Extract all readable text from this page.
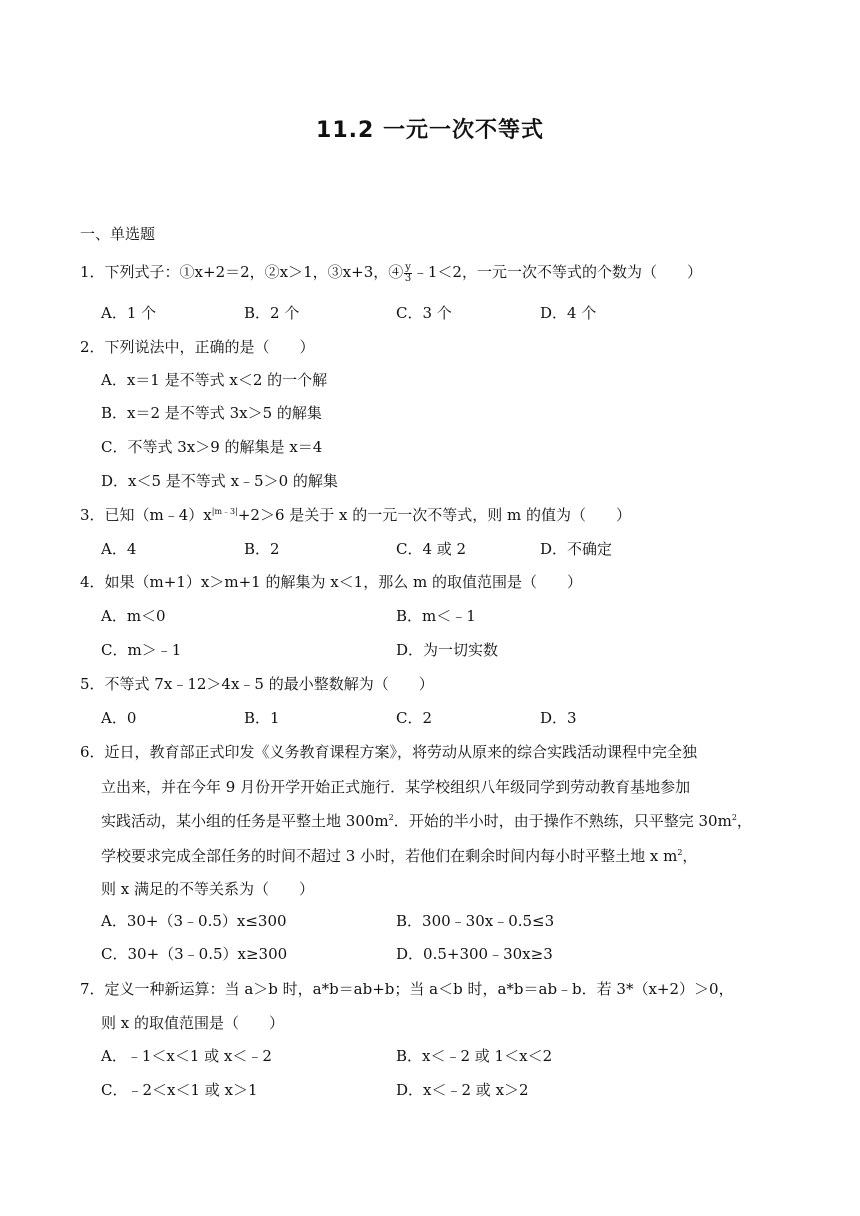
11.2 一元一次不等式
一、单选题
1．下列式子：①x+2＝2，②x＞1，③x+3，④ $\frac{y}{3}$ ﹣1＜2，一元一次不等式的个数为（　　）
A．1 个	B．2 个	C．3 个	D．4 个
2．下列说法中，正确的是（　　）
A．x＝1 是不等式 x＜2 的一个解
B．x＝2 是不等式 3x＞5 的解集
C．不等式 3x＞9 的解集是 x＝4
D．x＜5 是不等式 x﹣5＞0 的解集
3．已知$(m﹣4)x^{|m﹣3|}+2>6$ 是关于 x 的一元一次不等式，则 m 的值为（　　）
A．4	B．2	C．4 或 2	D．不确定
4．如果（m+1）x＞m+1 的解集为 x＜1，那么 m 的取值范围是（　　）
A．m＜0	B．m＜﹣1
C．m＞﹣1	D．为一切实数
5．不等式 7x﹣12＞4x﹣5 的最小整数解为（　　）
A．0	B．1	C．2	D．3
6．近日，教育部正式印发《义务教育课程方案》，将劳动从原来的综合实践活动课程中完全独
立出来，并在今年 9 月份开学开始正式施行．某学校组织八年级同学到劳动教育基地参加
实践活动，某小组的任务是平整土地 $300m^2$．开始的半小时，由于操作不熟练，只平整完 $30m^2$，
学校要求完成全部任务的时间不超过 3 小时，若他们在剩余时间内每小时平整土地 x $m^2$，
则 x 满足的不等关系为（　　）
A．30+（3﹣0.5）x≤300	B．300﹣30x﹣0.5≤3
C．30+（3﹣0.5）x≥300	D．0.5+300﹣30x≥3
7．定义一种新运算：当 a＞b 时，a*b＝ab+b；当 a＜b 时，a*b＝ab﹣b．若 3*（x+2）＞0，
则 x 的取值范围是（　　）
A．﹣1＜x＜1 或 x＜﹣2	B．x＜﹣2 或 1＜x＜2
C．﹣2＜x＜1 或 x＞1	D．x＜﹣2 或 x＞2
